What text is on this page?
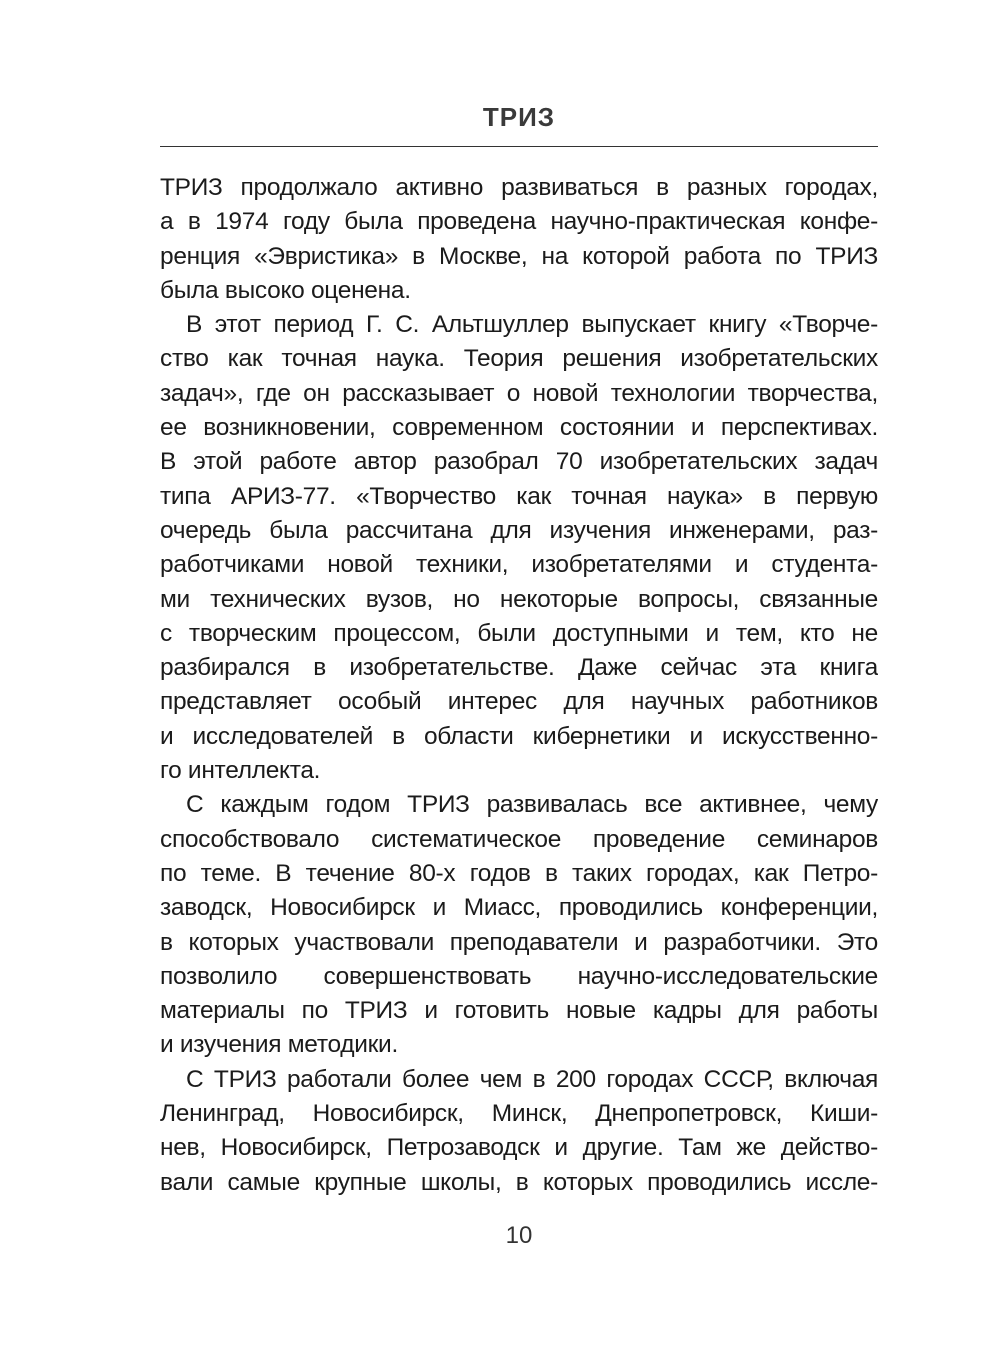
ТРИЗ
ТРИЗ продолжало активно развиваться в разных городах,
а в 1974 году была проведена научно-практическая конфе-
ренция «Эвристика» в Москве, на которой работа по ТРИЗ
была высоко оценена.
В этот период Г. С. Альтшуллер выпускает книгу «Творче-
ство как точная наука. Теория решения изобретательских
задач», где он рассказывает о новой технологии творчества,
ее возникновении, современном состоянии и перспективах.
В этой работе автор разобрал 70 изобретательских задач
типа АРИЗ-77. «Творчество как точная наука» в первую
очередь была рассчитана для изучения инженерами, раз-
работчиками новой техники, изобретателями и студента-
ми технических вузов, но некоторые вопросы, связанные
с творческим процессом, были доступными и тем, кто не
разбирался в изобретательстве. Даже сейчас эта книга
представляет особый интерес для научных работников
и исследователей в области кибернетики и искусственно-
го интеллекта.
С каждым годом ТРИЗ развивалась все активнее, чему
способствовало систематическое проведение семинаров
по теме. В течение 80-х годов в таких городах, как Петро-
заводск, Новосибирск и Миасс, проводились конференции,
в которых участвовали преподаватели и разработчики. Это
позволило совершенствовать научно-исследовательские
материалы по ТРИЗ и готовить новые кадры для работы
и изучения методики.
С ТРИЗ работали более чем в 200 городах СССР, включая
Ленинград, Новосибирск, Минск, Днепропетровск, Киши-
нев, Новосибирск, Петрозаводск и другие. Там же действо-
вали самые крупные школы, в которых проводились иссле-
10
